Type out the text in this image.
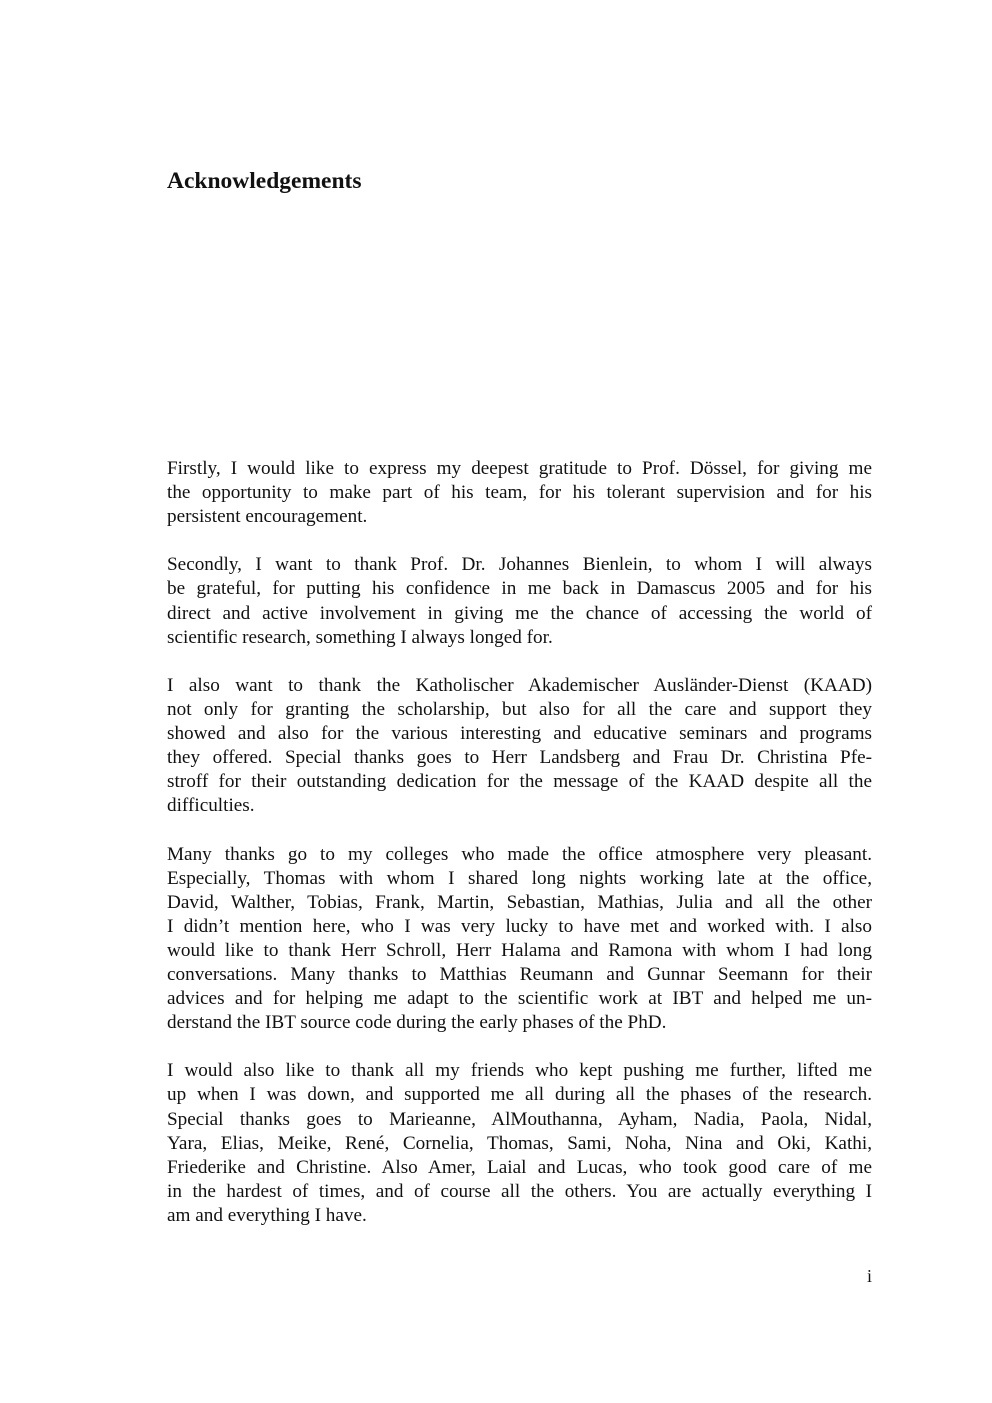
Acknowledgements

Firstly, I would like to express my deepest gratitude to Prof. Dössel, for giving me
the opportunity to make part of his team, for his tolerant supervision and for his
persistent encouragement.

Secondly, I want to thank Prof. Dr. Johannes Bienlein, to whom I will always
be grateful, for putting his confidence in me back in Damascus 2005 and for his
direct and active involvement in giving me the chance of accessing the world of
scientific research, something I always longed for.

I also want to thank the Katholischer Akademischer Ausländer-Dienst (KAAD)
not only for granting the scholarship, but also for all the care and support they
showed and also for the various interesting and educative seminars and programs
they offered. Special thanks goes to Herr Landsberg and Frau Dr. Christina Pfe-
stroff for their outstanding dedication for the message of the KAAD despite all the
difficulties.

Many thanks go to my colleges who made the office atmosphere very pleasant.
Especially, Thomas with whom I shared long nights working late at the office,
David, Walther, Tobias, Frank, Martin, Sebastian, Mathias, Julia and all the other
I didn’t mention here, who I was very lucky to have met and worked with. I also
would like to thank Herr Schroll, Herr Halama and Ramona with whom I had long
conversations. Many thanks to Matthias Reumann and Gunnar Seemann for their
advices and for helping me adapt to the scientific work at IBT and helped me un-
derstand the IBT source code during the early phases of the PhD.

I would also like to thank all my friends who kept pushing me further, lifted me
up when I was down, and supported me all during all the phases of the research.
Special thanks goes to Marieanne, AlMouthanna, Ayham, Nadia, Paola, Nidal,
Yara, Elias, Meike, René, Cornelia, Thomas, Sami, Noha, Nina and Oki, Kathi,
Friederike and Christine. Also Amer, Laial and Lucas, who took good care of me
in the hardest of times, and of course all the others. You are actually everything I
am and everything I have.

i
